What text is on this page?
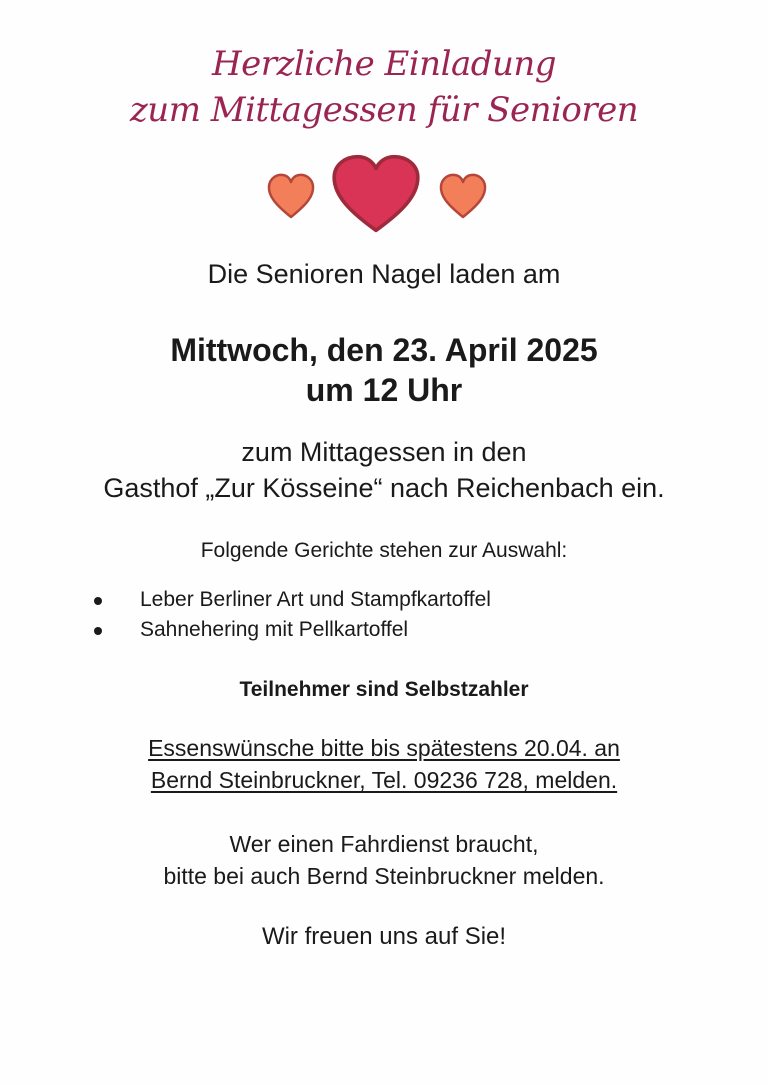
Herzliche Einladung
zum Mittagessen für Senioren
Die Senioren Nagel laden am
Mittwoch, den 23. April 2025
um 12 Uhr
zum Mittagessen in den
Gasthof „Zur Kösseine“ nach Reichenbach ein.
Folgende Gerichte stehen zur Auswahl:
Leber Berliner Art und Stampfkartoffel
Sahnehering mit Pellkartoffel
Teilnehmer sind Selbstzahler
Essenswünsche bitte bis spätestens 20.04. an
Bernd Steinbruckner, Tel. 09236 728, melden.
Wer einen Fahrdienst braucht,
bitte bei auch Bernd Steinbruckner melden.
Wir freuen uns auf Sie!
